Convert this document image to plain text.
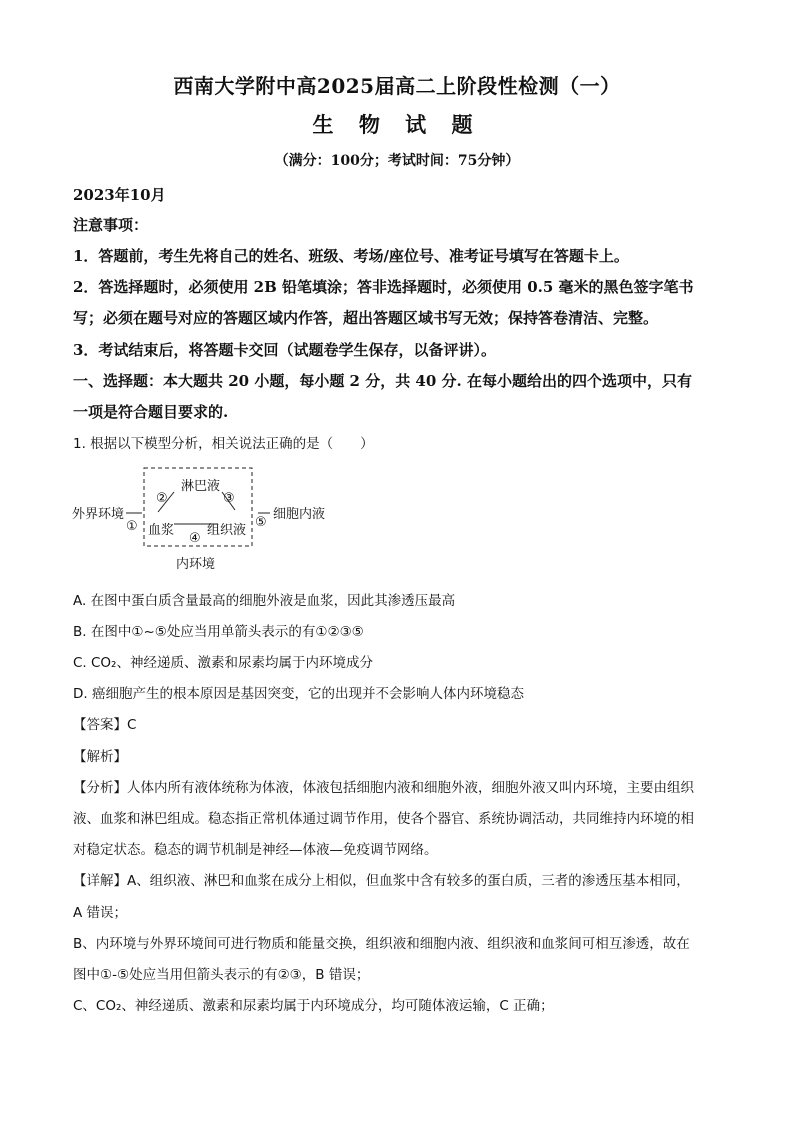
西南大学附中高2025届高二上阶段性检测（一）
生 物 试 题
（满分：100分；考试时间：75分钟）
2023年10月
注意事项：
1．答题前，考生先将自己的姓名、班级、考场/座位号、准考证号填写在答题卡上。
2．答选择题时，必须使用 2B 铅笔填涂；答非选择题时，必须使用 0.5 毫米的黑色签字笔书
写；必须在题号对应的答题区域内作答，超出答题区域书写无效；保持答卷清洁、完整。
3．考试结束后，将答题卡交回（试题卷学生保存，以备评讲）。
一、选择题：本大题共 20 小题，每小题 2 分，共 40 分. 在每小题给出的四个选项中，只有
一项是符合题目要求的.
1. 根据以下模型分析，相关说法正确的是（　　）
外界环境
淋巴液
血浆	组织液
细胞内液
内环境
①
②	③
④
⑤
A. 在图中蛋白质含量最高的细胞外液是血浆，因此其渗透压最高
B. 在图中①~⑤处应当用单箭头表示的有①②③⑤
C. CO₂、神经递质、激素和尿素均属于内环境成分
D. 癌细胞产生的根本原因是基因突变，它的出现并不会影响人体内环境稳态
【答案】C
【解析】
【分析】人体内所有液体统称为体液，体液包括细胞内液和细胞外液，细胞外液又叫内环境，主要由组织
液、血浆和淋巴组成。稳态指正常机体通过调节作用，使各个器官、系统协调活动，共同维持内环境的相
对稳定状态。稳态的调节机制是神经—体液—免疫调节网络。
【详解】A、组织液、淋巴和血浆在成分上相似，但血浆中含有较多的蛋白质，三者的渗透压基本相同，
A 错误；
B、内环境与外界环境间可进行物质和能量交换，组织液和细胞内液、组织液和血浆间可相互渗透，故在
图中①-⑤处应当用但箭头表示的有②③，B 错误；
C、CO₂、神经递质、激素和尿素均属于内环境成分，均可随体液运输，C 正确；
